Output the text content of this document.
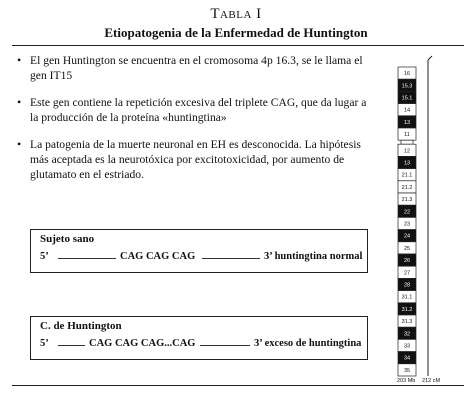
Tabla I
Etiopatogenia de la Enfermedad de Huntington
• El gen Huntington se encuentra en el cromosoma 4p 16.3, se le llama el gen IT15
• Este gen contiene la repetición excesiva del triplete CAG, que da lugar a la producción de la proteína «huntingtina»
• La patogenia de la muerte neuronal en EH es desconocida. La hipótesis más aceptada es la neurotóxica por excitotoxicidad, por aumento de glutamato en el estriado.
Sujeto sano
5’	CAG CAG CAG	3’ huntingtina normal
C. de Huntington
5’	CAG CAG CAG...CAG	3’ exceso de huntingtina
16
15.3
15.1
14
13
11
12
13
21.1
21.2
21.3
22
23
24
25
26
27
28
31.1
31.2
31.3
32
33
34
35
203 Mb 212 cM
